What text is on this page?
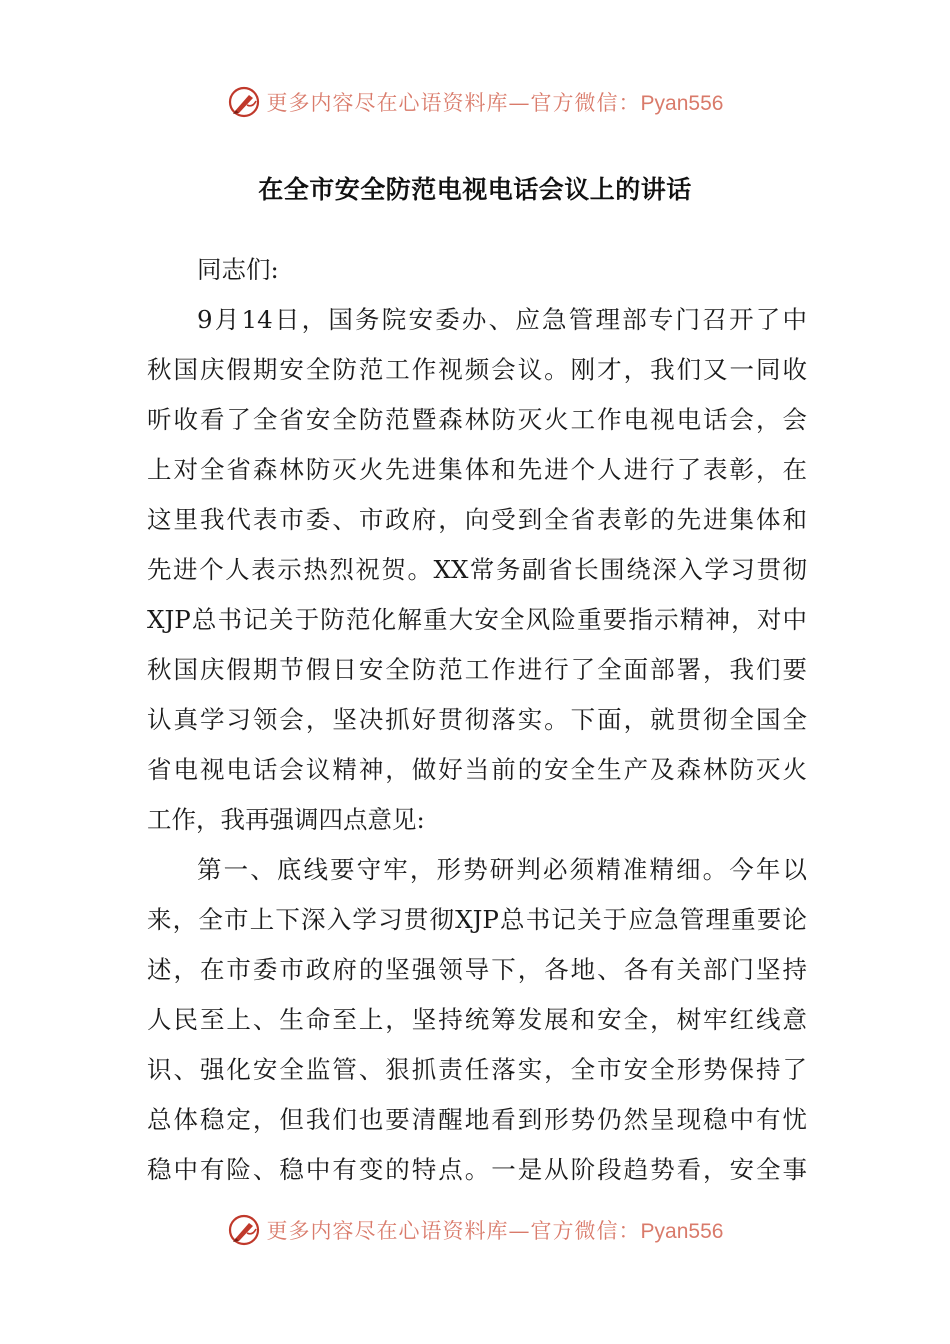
更多内容尽在心语资料库—官方微信：Pyan556
在全市安全防范电视电话会议上的讲话
同志们:
9月14日，国务院安委办、应急管理部专门召开了中
秋国庆假期安全防范工作视频会议。刚才，我们又一同收
听收看了全省安全防范暨森林防灭火工作电视电话会，会
上对全省森林防灭火先进集体和先进个人进行了表彰，在
这里我代表市委、市政府，向受到全省表彰的先进集体和
先进个人表示热烈祝贺。XX常务副省长围绕深入学习贯彻
XJP总书记关于防范化解重大安全风险重要指示精神，对中
秋国庆假期节假日安全防范工作进行了全面部署，我们要
认真学习领会，坚决抓好贯彻落实。下面，就贯彻全国全
省电视电话会议精神，做好当前的安全生产及森林防灭火
工作，我再强调四点意见:
第一、底线要守牢，形势研判必须精准精细。今年以
来，全市上下深入学习贯彻XJP总书记关于应急管理重要论
述，在市委市政府的坚强领导下，各地、各有关部门坚持
人民至上、生命至上，坚持统筹发展和安全，树牢红线意
识、强化安全监管、狠抓责任落实，全市安全形势保持了
总体稳定，但我们也要清醒地看到形势仍然呈现稳中有忧
稳中有险、稳中有变的特点。一是从阶段趋势看，安全事
更多内容尽在心语资料库—官方微信：Pyan556
